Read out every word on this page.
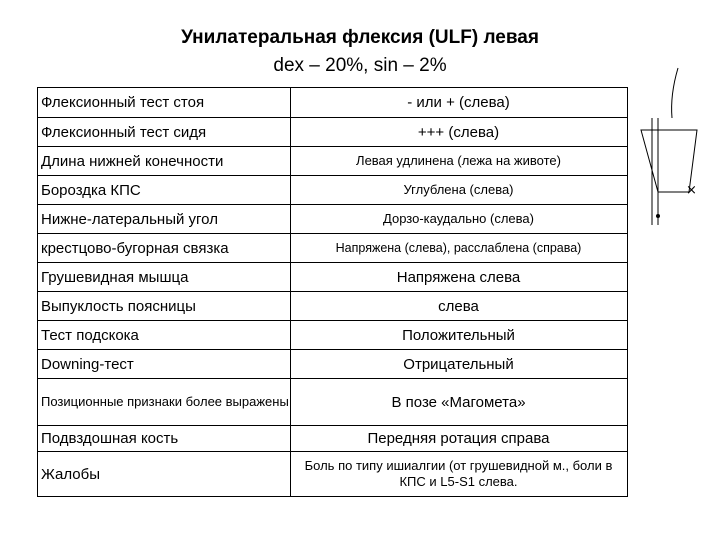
Унилатеральная флексия (ULF) левая
dex – 20%, sin – 2%
Флексионный тест стоя	- или + (слева)
Флексионный тест сидя	+++ (слева)
Длина нижней конечности	Левая удлинена (лежа на животе)
Бороздка КПС	Углублена (слева)
Нижне-латеральный угол	Дорзо-каудально (слева)
крестцово-бугорная связка	Напряжена (слева), расслаблена (справа)
Грушевидная мышца	Напряжена слева
Выпуклость поясницы	слева
Тест подскока	Положительный
Downing-тест	Отрицательный
Позиционные признаки более выражены	В позе «Магомета»
Подвздошная кость	Передняя ротация справа
Жалобы	Боль по типу ишиалгии (от грушевидной м., боли в КПС и L5-S1 слева.
×
